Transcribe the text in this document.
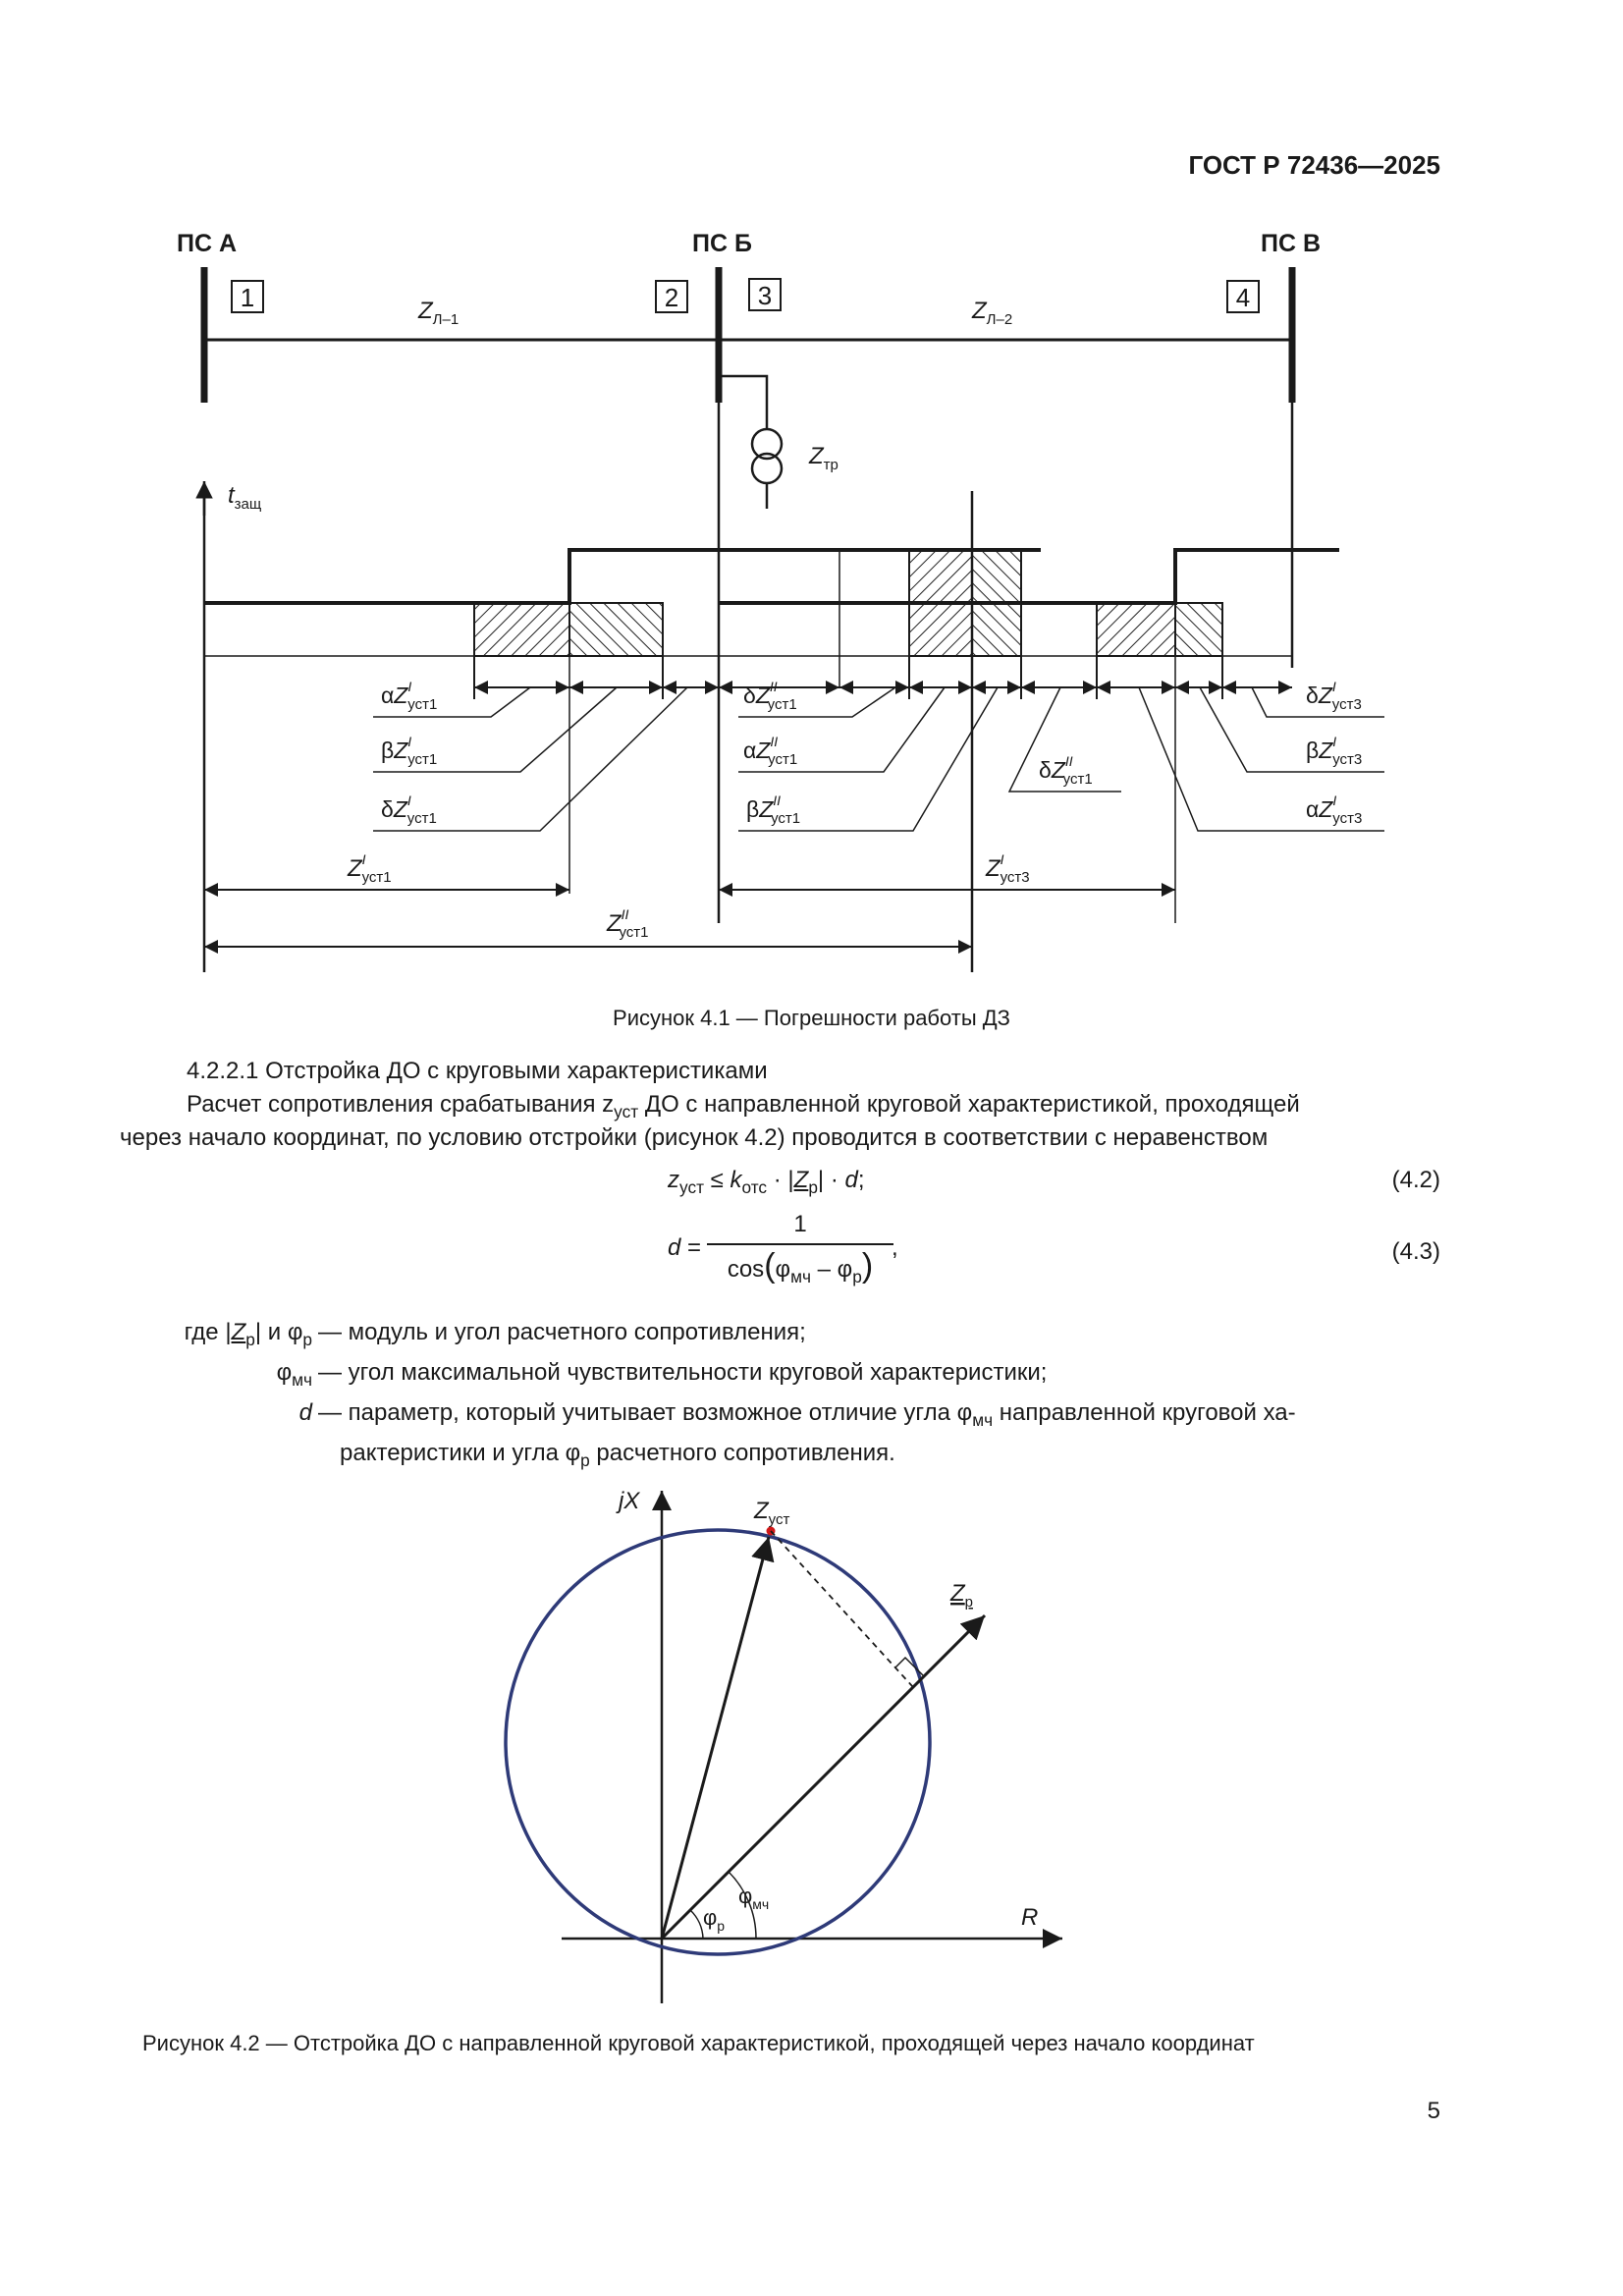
ГОСТ Р 72436—2025
ПС А	ПС Б	ПС В
1	2	3	4
$Z_{Л-1}$	$Z_{Л-2}$
$Z_{тр}$
$t_{защ}$
$\alpha Z^I$ уст1
$\beta Z^I$ уст1
$\delta Z^I$ уст1
$\delta Z^{II}$ уст1
$\alpha Z^{II}$ уст1
$\beta Z^{II}$ уст1
$\delta Z^{II}$ уст1
$\delta Z^I$ уст3
$\beta Z^I$ уст3
$\alpha Z^I$ уст3
$Z^I$ уст1	$Z^I$ уст3
$Z^{II}$ уст1
Рисунок 4.1 — Погрешности работы ДЗ
4.2.2.1 Отстройка ДО с круговыми характеристиками
Расчет сопротивления срабатывания $z_{уст}$ ДО с направленной круговой характеристикой, проходящей
через начало координат, по условию отстройки (рисунок 4.2) проводится в соответствии с неравенством
$z_{уст} \le k_{отс} \cdot |Z_р| \cdot d$;	(4.2)
d =
1
$\cos(\varphi_{мч} - \varphi_р)$ ,	(4.3)
где $|Z_р|$ и $\varphi_р$	— модуль и угол расчетного сопротивления;
$\varphi_{мч}$	— угол максимальной чувствительности круговой характеристики;
d	— параметр, который учитывает возможное отличие угла $\varphi_{мч}$ направленной круговой ха-
рактеристики и угла $\varphi_р$ расчетного сопротивления.
jX
R
$Z_{уст}$
$Z_р$
$\varphi_{мч}$
$\varphi_р$
Рисунок 4.2 — Отстройка ДО с направленной круговой характеристикой, проходящей через начало координат
5
